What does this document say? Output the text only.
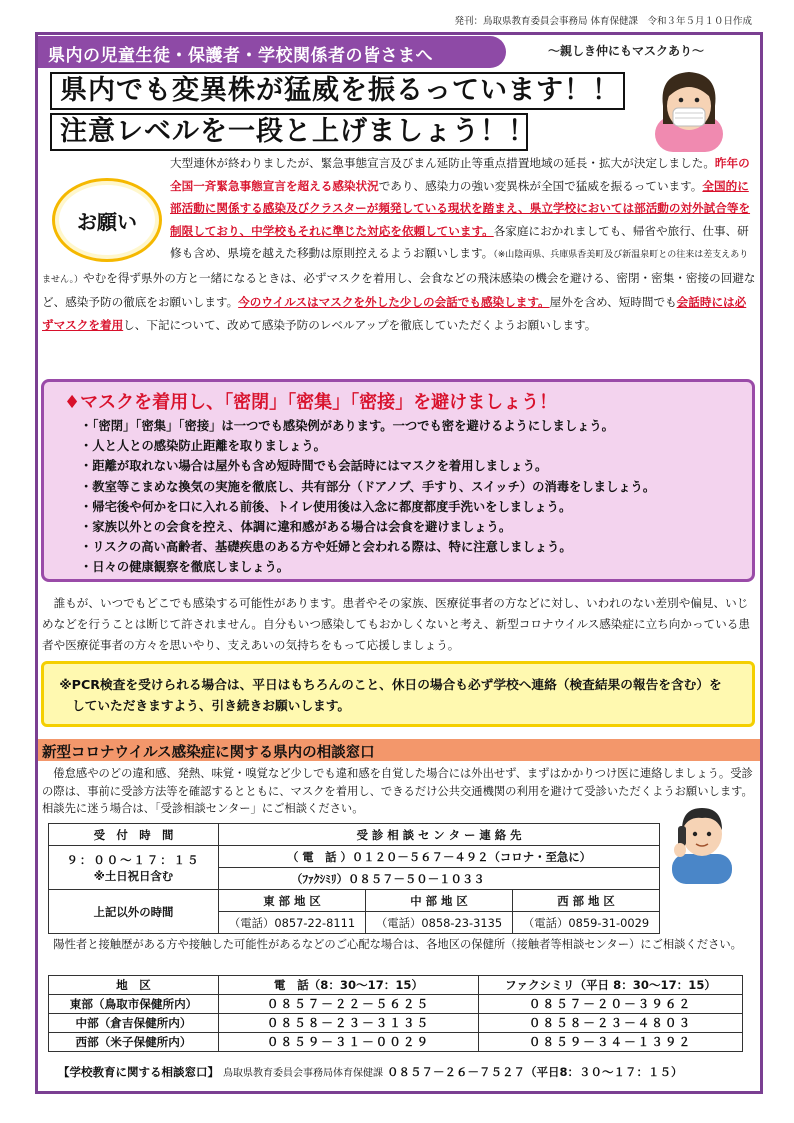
発刊：鳥取県教育委員会事務局 体育保健課　令和３年５月１０日作成
県内の児童生徒・保護者・学校関係者の皆さまへ	～親しき仲にもマスクあり～
県内でも変異株が猛威を振るっています！！
注意レベルを一段と上げましょう！！
お願い

大型連休が終わりましたが、緊急事態宣言及びまん延防止等重点措置地域の延長・拡大が決定しました。昨年の全国一斉緊急事態宣言を超える感染状況であり、感染力の強い変異株が全国で猛威を振るっています。全国的に部活動に関係する感染及びクラスターが頻発している現状を踏まえ、県立学校においては部活動の対外試合等を制限しており、中学校もそれに準じた対応を依頼しています。各家庭におかれましても、帰省や旅行、仕事、研修も含め、県境を越えた移動は原則控えるようお願いします。（※山陰両県、兵庫県香美町及び新温泉町との往来は差支えありません。）やむを得ず県外の方と一緒になるときは、必ずマスクを着用し、会食などの飛沫感染の機会を避ける、密閉・密集・密接の回避など、感染予防の徹底をお願いします。今のウイルスはマスクを外した少しの会話でも感染します。屋外を含め、短時間でも会話時には必ずマスクを着用し、下記について、改めて感染予防のレベルアップを徹底していただくようお願いします。

♦マスクを着用し、「密閉」「密集」「密接」を避けましょう！
・「密閉」「密集」「密接」は一つでも感染例があります。一つでも密を避けるようにしましょう。
・人と人との感染防止距離を取りましょう。
・距離が取れない場合は屋外も含め短時間でも会話時にはマスクを着用しましょう。
・教室等こまめな換気の実施を徹底し、共有部分（ドアノブ、手すり、スイッチ）の消毒をしましょう。
・帰宅後や何かを口に入れる前後、トイレ使用後は入念に都度都度手洗いをしましょう。
・家族以外との会食を控え、体調に違和感がある場合は会食を避けましょう。
・リスクの高い高齢者、基礎疾患のある方や妊婦と会われる際は、特に注意しましょう。
・日々の健康観察を徹底しましょう。
誰もが、いつでもどこでも感染する可能性があります。患者やその家族、医療従事者の方などに対し、いわれのない差別や偏見、いじめなどを行うことは断じて許されません。自分もいつ感染してもおかしくないと考え、新型コロナウイルス感染症に立ち向かっている患者や医療従事者の方々を思いやり、支えあいの気持ちをもって応援しましょう。
※PCR検査を受けられる場合は、平日はもちろんのこと、休日の場合も必ず学校へ連絡（検査結果の報告を含む）をしていただきますよう、引き続きお願いします。
新型コロナウイルス感染症に関する県内の相談窓口
倦怠感やのどの違和感、発熱、味覚・嗅覚など少しでも違和感を自覚した場合には外出せず、まずはかかりつけ医に連絡しましょう。受診の際は、事前に受診方法等を確認するとともに、マスクを着用し、できるだけ公共交通機関の利用を避けて受診いただくようお願いします。相談先に迷う場合は、「受診相談センター」にご相談ください。
受　付　時　間	受 診 相 談 セ ン タ ー 連 絡 先		

９：００～１７：１５
※土日祝日含む	（ 電　話 ）０１２０－５６７－４９２（コロナ・至急に）		
	（ﾌｧｸｼﾐﾘ）０８５７－５０－１０３３		
上記以外の時間	東 部 地 区	中 部 地 区	西 部 地 区
	（電話）0857-22-8111	（電話）0858-23-3135	（電話）0859-31-0029
陽性者と接触歴がある方や接触した可能性があるなどのご心配な場合は、各地区の保健所（接触者等相談センター）にご相談ください。
地　区	電　話（8：30～17：15）	ファクシミリ（平日 8：30～17：15）
東部（鳥取市保健所内）	０８５７－２２－５６２５	０８５７－２０－３９６２
中部（倉吉保健所内）	０８５８－２３－３１３５	０８５８－２３－４８０３
西部（米子保健所内）	０８５９－３１－００２９	０８５９－３４－１３９２
【学校教育に関する相談窓口】 鳥取県教育委員会事務局体育保健課 ０８５７－２６－７５２７（平日8：３０～１７：１５）
